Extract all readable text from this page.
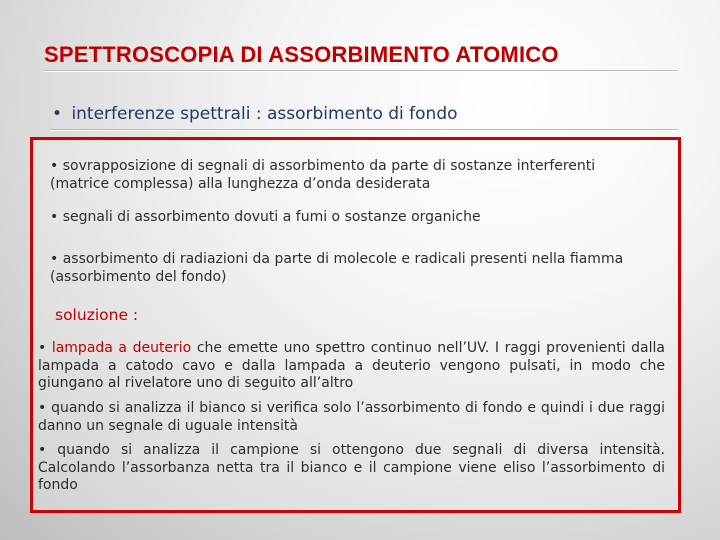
SPETTROSCOPIA DI ASSORBIMENTO ATOMICO
• interferenze spettrali : assorbimento di fondo
• sovrapposizione di segnali di assorbimento da parte di sostanze interferenti (matrice complessa) alla lunghezza d’onda desiderata
• segnali di assorbimento dovuti a fumi o sostanze organiche
• assorbimento di radiazioni da parte di molecole e radicali presenti nella fiamma (assorbimento del fondo)
soluzione :
• lampada a deuterio che emette uno spettro continuo nell’UV. I raggi provenienti dalla lampada a catodo cavo e dalla lampada a deuterio vengono pulsati, in modo che giungano al rivelatore uno di seguito all’altro
• quando si analizza il bianco si verifica solo l’assorbimento di fondo e quindi i due raggi danno un segnale di uguale intensità
• quando si analizza il campione si ottengono due segnali di diversa intensità. Calcolando l’assorbanza netta tra il bianco e il campione viene eliso l’assorbimento di fondo
